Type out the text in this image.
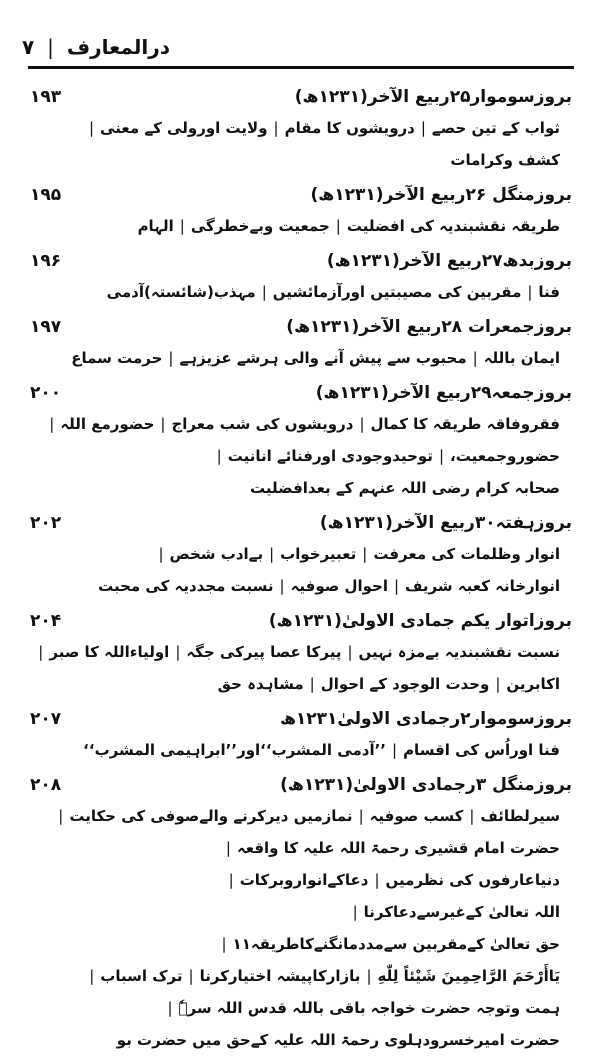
درالمعارف | ۷
بروزسوموار۲۵ربیع الآخر(۱۲۳۱ھ)
۱۹۳
ثواب کے تین حصے|درویشوں کا مقام|ولایت اورولی کے معنی|کشف وکرامات
بروزمنگل ۲۶ربیع الآخر(۱۲۳۱ھ)
۱۹۵
طریقہ نقشبندیہ کی افضلیت|جمعیت وبےخطرگی|الہام
بروزبدھ۲۷ربیع الآخر(۱۲۳۱ھ)
۱۹۶
فنا|مقربین کی مصیبتیں اورآزمائشیں|مہذب(شائستہ)آدمی
بروزجمعرات ۲۸ربیع الآخر(۱۲۳۱ھ)
۱۹۷
ایمان باللہ|محبوب سے پیش آنے والی ہرشے عزیزہے|حرمت سماع
بروزجمعہ۲۹ربیع الآخر(۱۲۳۱ھ)
۲۰۰
فقروفاقہ طریقہ کا کمال|درویشوں کی شب معراج|حضورمع اللہ|حضوروجمعیت،|توحیدوجودی اورفنائے انانیت|صحابہ کرام رضی اللہ عنہم کے بعدافضلیت
بروزہفتہ۳۰ربیع الآخر(۱۲۳۱ھ)
۲۰۲
انوار وظلمات کی معرفت|تعبیرخواب|بےادب شخص|انوارخانہ کعبہ شریف|احوال صوفیہ|نسبت مجددیہ کی محبت
بروزاتوار یکم جمادی الاولیٰ(۱۲۳۱ھ)
۲۰۴
نسبت نقشبندیہ بےمزہ نہیں|پیرکا عصا پیرکی جگہ|اولیاءاللہ کا صبر|اکابرین|وحدت الوجود کے احوال|مشاہدہ حق
بروزسوموار۲رجمادی الاولیٰ۱۲۳۱ھ
۲۰۷
فنا اوراُس کی اقسام|’’آدمی المشرب‘‘اور’’ابراہیمی المشرب‘‘
بروزمنگل ۳رجمادی الاولیٰ(۱۲۳۱ھ)
۲۰۸
سیرلطائف|کسب صوفیہ|نمازمیں دیرکرنے والےصوفی کی حکایت|حضرت امام قشیری رحمۃ اللہ علیہ کا واقعہ|دنیاعارفوں کی نظرمیں|دعاکےانواروبرکات|اللہ تعالیٰ کےغیرسےدعاکرنا|حق تعالیٰ کےمقربین سےمددمانگنےکاطریقہ۱۱|یَاأَرْحَمَ الرَّاحِمِينَ شَيْئاً لِلّٰهِ|بازارکاپیشہ اختیارکرنا|ترک اسباب|ہمت وتوجہ حضرت خواجہ باقی باللہ قدس اللہ سرہٗ|حضرت امیرخسرودہلوی رحمۃ اللہ علیہ کےحق میں حضرت بو
